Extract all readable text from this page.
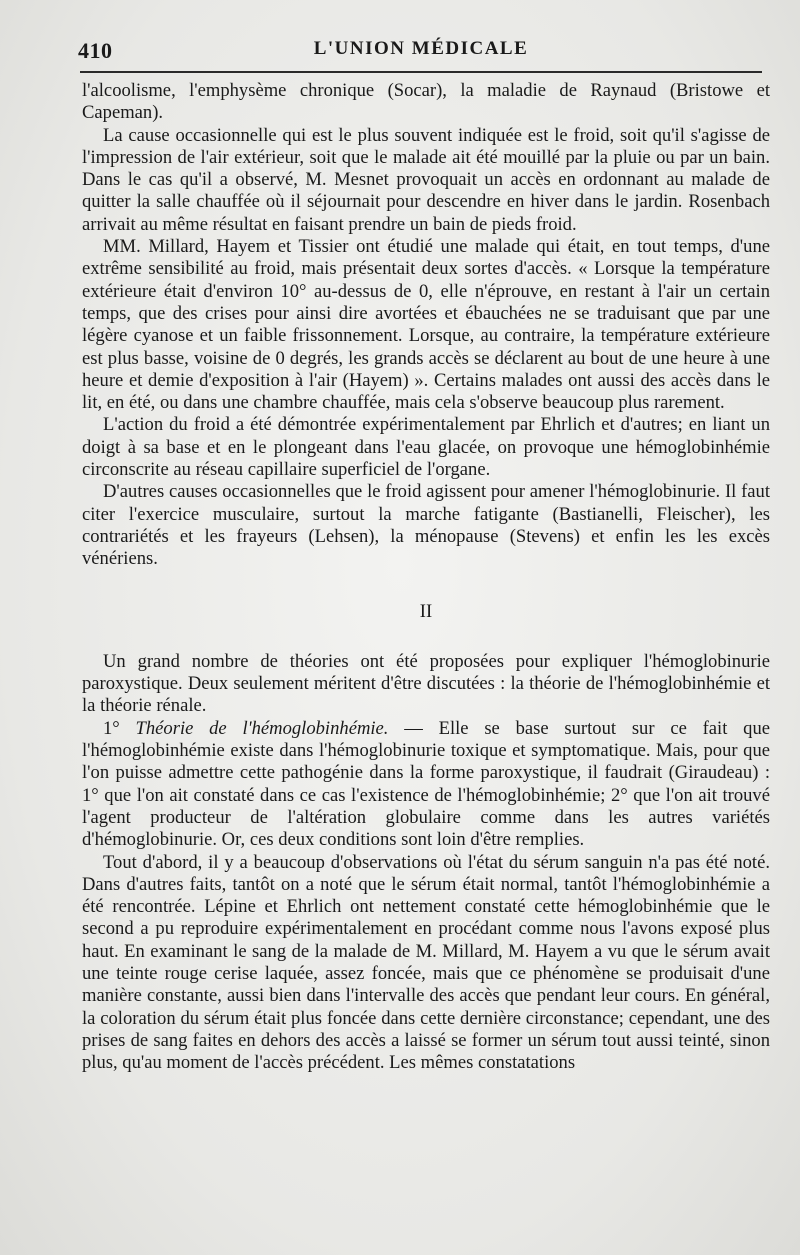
410	L'UNION MÉDICALE

l'alcoolisme, l'emphysème chronique (Socar), la maladie de Raynaud (Bristowe et Capeman).

La cause occasionnelle qui est le plus souvent indiquée est le froid, soit qu'il s'agisse de l'impression de l'air extérieur, soit que le malade ait été mouillé par la pluie ou par un bain. Dans le cas qu'il a observé, M. Mesnet provoquait un accès en ordonnant au malade de quitter la salle chauffée où il séjournait pour descendre en hiver dans le jardin. Rosenbach arrivait au même résultat en faisant prendre un bain de pieds froid.

MM. Millard, Hayem et Tissier ont étudié une malade qui était, en tout temps, d'une extrême sensibilité au froid, mais présentait deux sortes d'accès. « Lorsque la température extérieure était d'environ 10° au-dessus de 0, elle n'éprouve, en restant à l'air un certain temps, que des crises pour ainsi dire avortées et ébauchées ne se traduisant que par une légère cyanose et un faible frissonnement. Lorsque, au contraire, la température extérieure est plus basse, voisine de 0 degrés, les grands accès se déclarent au bout de une heure à une heure et demie d'exposition à l'air (Hayem) ». Certains malades ont aussi des accès dans le lit, en été, ou dans une chambre chauffée, mais cela s'observe beaucoup plus rarement.

L'action du froid a été démontrée expérimentalement par Ehrlich et d'autres; en liant un doigt à sa base et en le plongeant dans l'eau glacée, on provoque une hémoglobinhémie circonscrite au réseau capillaire superficiel de l'organe.

D'autres causes occasionnelles que le froid agissent pour amener l'hémoglobinurie. Il faut citer l'exercice musculaire, surtout la marche fatigante (Bastianelli, Fleischer), les contrariétés et les frayeurs (Lehsen), la ménopause (Stevens) et enfin les les excès vénériens.

II

Un grand nombre de théories ont été proposées pour expliquer l'hémoglobinurie paroxystique. Deux seulement méritent d'être discutées : la théorie de l'hémoglobinhémie et la théorie rénale.

1° Théorie de l'hémoglobinhémie. — Elle se base surtout sur ce fait que l'hémoglobinhémie existe dans l'hémoglobinurie toxique et symptomatique. Mais, pour que l'on puisse admettre cette pathogénie dans la forme paroxystique, il faudrait (Giraudeau) : 1° que l'on ait constaté dans ce cas l'existence de l'hémoglobinhémie; 2° que l'on ait trouvé l'agent producteur de l'altération globulaire comme dans les autres variétés d'hémoglobinurie. Or, ces deux conditions sont loin d'être remplies.

Tout d'abord, il y a beaucoup d'observations où l'état du sérum sanguin n'a pas été noté. Dans d'autres faits, tantôt on a noté que le sérum était normal, tantôt l'hémoglobinhémie a été rencontrée. Lépine et Ehrlich ont nettement constaté cette hémoglobinhémie que le second a pu reproduire expérimentalement en procédant comme nous l'avons exposé plus haut. En examinant le sang de la malade de M. Millard, M. Hayem a vu que le sérum avait une teinte rouge cerise laquée, assez foncée, mais que ce phénomène se produisait d'une manière constante, aussi bien dans l'intervalle des accès que pendant leur cours. En général, la coloration du sérum était plus foncée dans cette dernière circonstance; cependant, une des prises de sang faites en dehors des accès a laissé se former un sérum tout aussi teinté, sinon plus, qu'au moment de l'accès précédent. Les mêmes constatations
